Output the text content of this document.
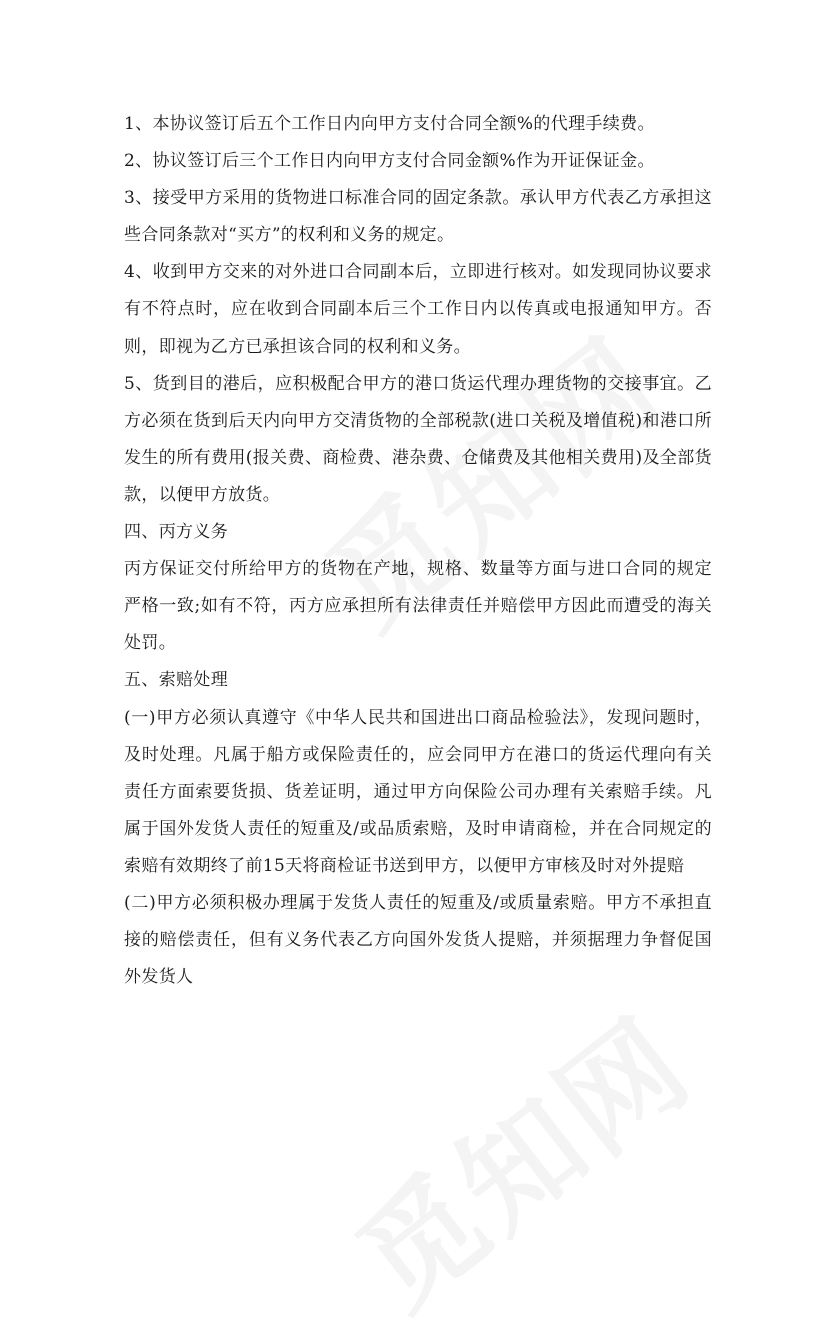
1、本协议签订后五个工作日内向甲方支付合同全额%的代理手续费。

2、协议签订后三个工作日内向甲方支付合同金额%作为开证保证金。

3、接受甲方采用的货物进口标准合同的固定条款。承认甲方代表乙方承担这些合同条款对“买方”的权利和义务的规定。

4、收到甲方交来的对外进口合同副本后，立即进行核对。如发现同协议要求有不符点时，应在收到合同副本后三个工作日内以传真或电报通知甲方。否则，即视为乙方已承担该合同的权利和义务。

5、货到目的港后，应积极配合甲方的港口货运代理办理货物的交接事宜。乙方必须在货到后天内向甲方交清货物的全部税款(进口关税及增值税)和港口所发生的所有费用(报关费、商检费、港杂费、仓储费及其他相关费用)及全部货款，以便甲方放货。

四、丙方义务

丙方保证交付所给甲方的货物在产地，规格、数量等方面与进口合同的规定严格一致;如有不符，丙方应承担所有法律责任并赔偿甲方因此而遭受的海关处罚。

五、索赔处理

(一)甲方必须认真遵守《中华人民共和国进出口商品检验法》，发现问题时，及时处理。凡属于船方或保险责任的，应会同甲方在港口的货运代理向有关责任方面索要货损、货差证明，通过甲方向保险公司办理有关索赔手续。凡属于国外发货人责任的短重及/或品质索赔，及时申请商检，并在合同规定的索赔有效期终了前15天将商检证书送到甲方，以便甲方审核及时对外提赔

(二)甲方必须积极办理属于发货人责任的短重及/或质量索赔。甲方不承担直接的赔偿责任，但有义务代表乙方向国外发货人提赔，并须据理力争督促国外发货人
